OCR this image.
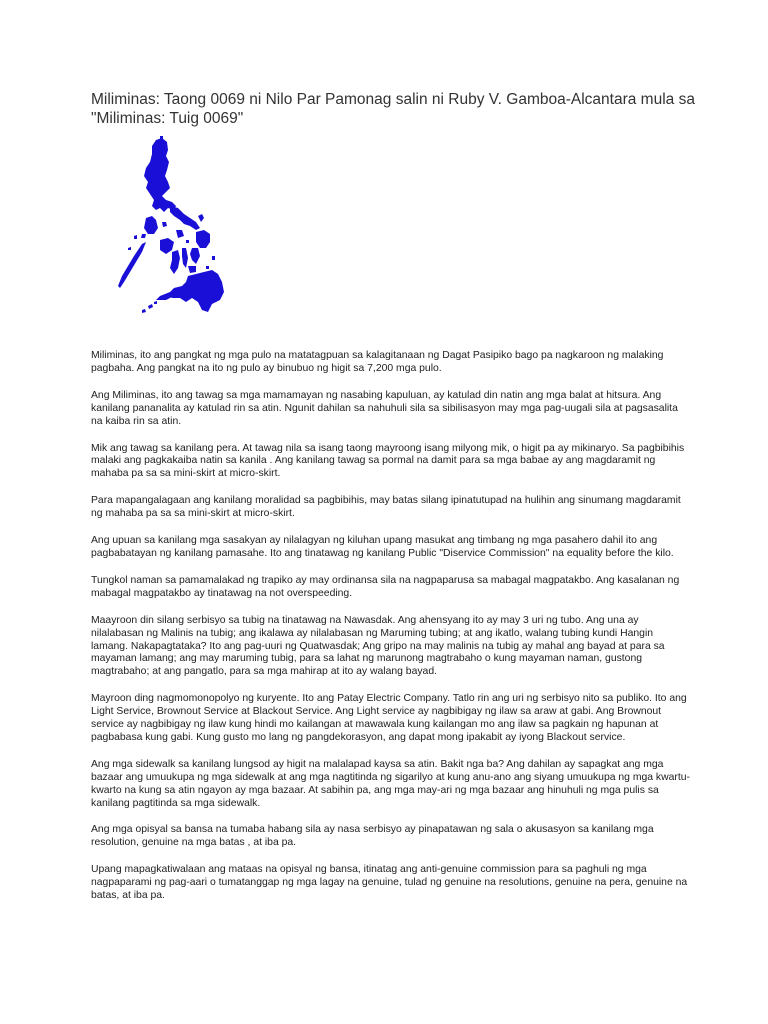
Miliminas: Taong 0069 ni Nilo Par Pamonag salin ni Ruby V. Gamboa-Alcantara mula sa "Miliminas: Tuig 0069"

Miliminas, ito ang pangkat ng mga pulo na matatagpuan sa kalagitanaan ng Dagat Pasipiko bago pa nagkaroon ng malaking pagbaha. Ang pangkat na ito ng pulo ay binubuo ng higit sa 7,200 mga pulo.

Ang Miliminas, ito ang tawag sa mga mamamayan ng nasabing kapuluan, ay katulad din natin ang mga balat at hitsura. Ang kanilang pananalita ay katulad rin sa atin. Ngunit dahilan sa nahuhuli sila sa sibilisasyon may mga pag-uugali sila at pagsasalita na kaiba rin sa atin.

Mik ang tawag sa kanilang pera. At tawag nila sa isang taong mayroong isang milyong mik, o higit pa ay mikinaryo. Sa pagbibihis malaki ang pagkakaiba natin sa kanila . Ang kanilang tawag sa pormal na damit para sa mga babae ay ang magdaramit ng mahaba pa sa sa mini-skirt at micro-skirt.

Para mapangalagaan ang kanilang moralidad sa pagbibihis, may batas silang ipinatutupad na hulihin ang sinumang magdaramit ng mahaba pa sa sa mini-skirt at micro-skirt.

Ang upuan sa kanilang mga sasakyan ay nilalagyan ng kiluhan upang masukat ang timbang ng mga pasahero dahil ito ang pagbabatayan ng kanilang pamasahe. Ito ang tinatawag ng kanilang Public "Diservice Commission" na equality before the kilo.

Tungkol naman sa pamamalakad ng trapiko ay may ordinansa sila na nagpaparusa sa mabagal magpatakbo. Ang kasalanan ng mabagal magpatakbo ay tinatawag na not overspeeding.

Maayroon din silang serbisyo sa tubig na tinatawag na Nawasdak. Ang ahensyang ito ay may 3 uri ng tubo. Ang una ay nilalabasan ng Malinis na tubig; ang ikalawa ay nilalabasan ng Maruming tubing; at ang ikatlo, walang tubing kundi Hangin lamang. Nakapagtataka? Ito ang pag-uuri ng Quatwasdak; Ang gripo na may malinis na tubig ay mahal ang bayad at para sa mayaman lamang; ang may maruming tubig, para sa lahat ng marunong magtrabaho o kung mayaman naman, gustong magtrabaho; at ang pangatlo, para sa mga mahirap at ito ay walang bayad.

Mayroon ding nagmomonopolyo ng kuryente. Ito ang Patay Electric Company. Tatlo rin ang uri ng serbisyo nito sa publiko. Ito ang Light Service, Brownout Service at Blackout Service. Ang Light service ay nagbibigay ng ilaw sa araw at gabi. Ang Brownout service ay nagbibigay ng ilaw kung hindi mo kailangan at mawawala kung kailangan mo ang ilaw sa pagkain ng hapunan at pagbabasa kung gabi. Kung gusto mo lang ng pangdekorasyon, ang dapat mong ipakabit ay iyong Blackout service.

Ang mga sidewalk sa kanilang lungsod ay higit na malalapad kaysa sa atin. Bakit nga ba? Ang dahilan ay sapagkat ang mga bazaar ang umuukupa ng mga sidewalk at ang mga nagtitinda ng sigarilyo at kung anu-ano ang siyang umuukupa ng mga kwartu-kwarto na kung sa atin ngayon ay mga bazaar. At sabihin pa, ang mga may-ari ng mga bazaar ang hinuhuli ng mga pulis sa kanilang pagtitinda sa mga sidewalk.

Ang mga opisyal sa bansa na tumaba habang sila ay nasa serbisyo ay pinapatawan ng sala o akusasyon sa kanilang mga resolution, genuine na mga batas , at iba pa.

Upang mapagkatiwalaan ang mataas na opisyal ng bansa, itinatag ang anti-genuine commission para sa paghuli ng mga nagpaparami ng pag-aari o tumatanggap ng mga lagay na genuine, tulad ng genuine na resolutions, genuine na pera, genuine na batas, at iba pa.
